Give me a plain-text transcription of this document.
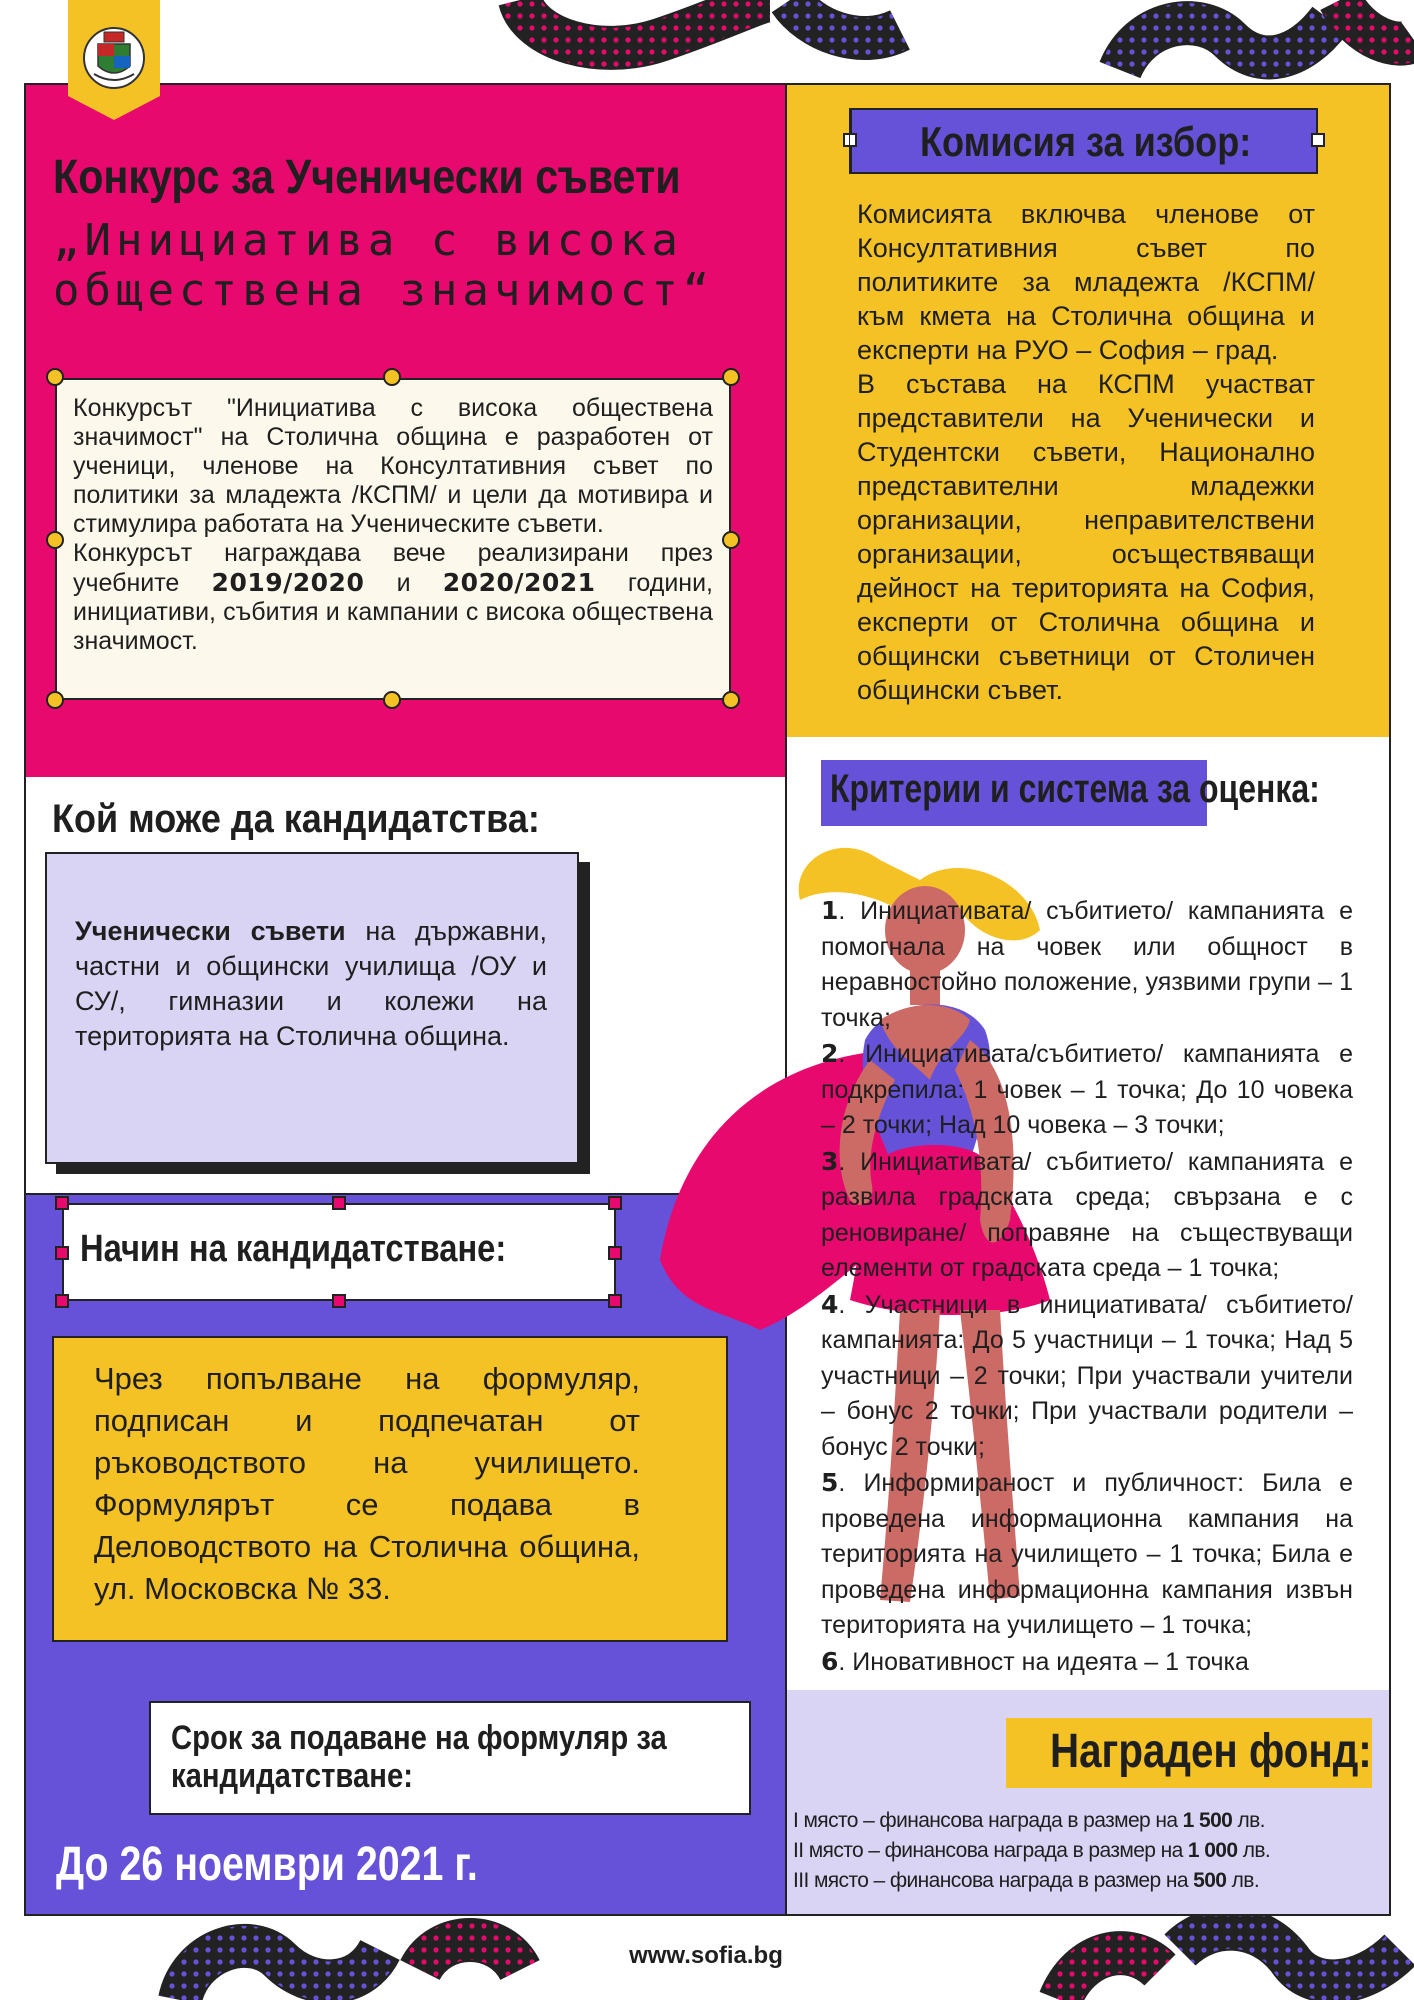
Конкурс за Ученически съвети
„Инициатива с висока
обществена значимост“

Конкурсът "Инициатива с висока обществена значимост" на Столична община е разработен от ученици, членове на Консултативния съвет по политики за младежта /КСПМ/ и цели да мотивира и стимулира работата на Ученическите съвети.

Конкурсът награждава вече реализирани през учебните 2019/2020 и 2020/2021 години, инициативи, събития и кампании с висока обществена значимост.

Комисия за избор:

Комисията включва членове от Консултативния съвет по политиките за младежта /КСПМ/ към кмета на Столична община и експерти на РУО – София – град.

В състава на КСПМ участват представители на Ученически и Студентски съвети, Национално представителни младежки организации, неправителствени организации, осъществяващи дейност на територията на София, експерти от Столична община и общински съветници от Столичен общински съвет.

Кой може да кандидатства:

Ученически съвети на държавни, частни и общински училища /ОУ и СУ/, гимназии и колежи на територията на Столична община.

Начин на кандидатстване:
Чрез попълване на формуляр, подписан и подпечатан от ръководството на училището. Формулярът се подава в Деловодството на Столична община, ул. Московска № 33.
Срок за подаване на формуляр за кандидатстване:
До 26 ноември 2021 г.
Критерии и система за оценка:

1. Инициативата/ събитието/ кампанията е помогнала на човек или общност в неравностойно положение, уязвими групи – 1 точка;

2. Инициативата/събитието/ кампанията е подкрепила: 1 човек – 1 точка; До 10 човека – 2 точки; Над 10 човека – 3 точки;

3. Инициативата/ събитието/ кампанията е развила градската среда; свързана е с реновиране/ поправяне на съществуващи елементи от градската среда – 1 точка;

4. Участници в инициативата/ събитието/ кампанията: До 5 участници – 1 точка; Над 5 участници – 2 точки; При участвали учители – бонус 2 точки; При участвали родители – бонус 2 точки;

5. Информираност и публичност: Била е проведена информационна кампания на територията на училището – 1 точка; Била е проведена информационна кампания извън територията на училището – 1 точка;

6. Иновативност на идеята – 1 точка

Награден фонд:
I място – финансова награда в размер на 1 500 лв.
II място – финансова награда в размер на 1 000 лв.
III място – финансова награда в размер на 500 лв.
www.sofia.bg
